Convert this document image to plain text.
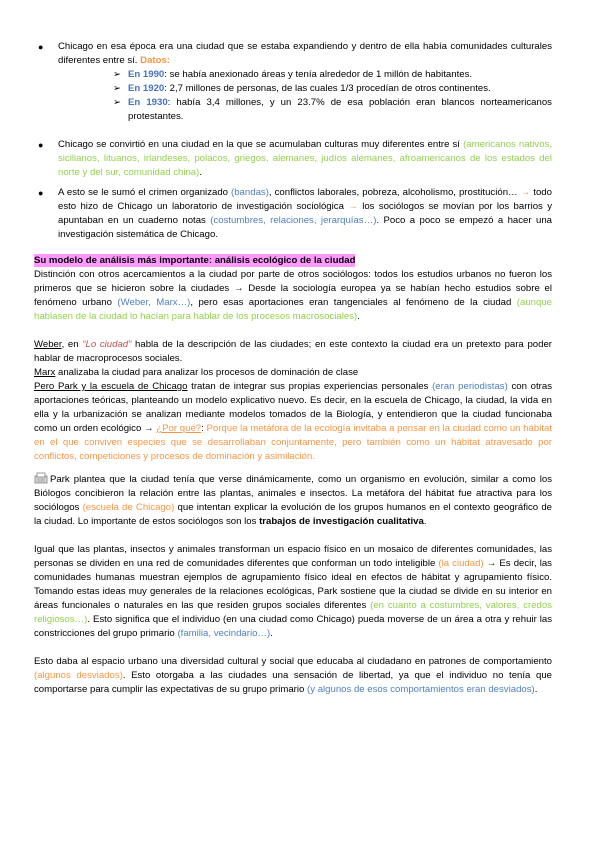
● Chicago en esa época era una ciudad que se estaba expandiendo y dentro de ella había comunidades culturales diferentes entre sí. Datos:
➢ En 1990: se había anexionado áreas y tenía alrededor de 1 millón de habitantes.
➢ En 1920: 2,7 millones de personas, de las cuales 1/3 procedían de otros continentes.
➢ En 1930: había 3,4 millones, y un 23.7% de esa población eran blancos norteamericanos protestantes.
● Chicago se convirtió en una ciudad en la que se acumulaban culturas muy diferentes entre sí (americanos nativos, sicilianos, lituanos, irlandeses, polacos, griegos, alemanes, judíos alemanes, afroamericanos de los estados del norte y del sur, comunidad china).
● A esto se le sumó el crimen organizado (bandas), conflictos laborales, pobreza, alcoholismo, prostitución… → todo esto hizo de Chicago un laboratorio de investigación sociológica → los sociólogos se movían por los barrios y apuntaban en un cuaderno notas (costumbres, relaciones, jerarquías…). Poco a poco se empezó a hacer una investigación sistemática de Chicago.
Su modelo de análisis más importante: análisis ecológico de la ciudad

Distinción con otros acercamientos a la ciudad por parte de otros sociólogos: todos los estudios urbanos no fueron los primeros que se hicieron sobre la ciudades → Desde la sociología europea ya se habían hecho estudios sobre el fenómeno urbano (Weber, Marx…), pero esas aportaciones eran tangenciales al fenómeno de la ciudad (aunque hablasen de la ciudad lo hacían para hablar de los procesos macrosociales).

Weber, en “Lo ciudad” habla de la descripción de las ciudades; en este contexto la ciudad era un pretexto para poder hablar de macroprocesos sociales.

Marx analizaba la ciudad para analizar los procesos de dominación de clase

Pero Park y la escuela de Chicago tratan de integrar sus propias experiencias personales (eran periodistas) con otras aportaciones teóricas, planteando un modelo explicativo nuevo. Es decir, en la escuela de Chicago, la ciudad, la vida en ella y la urbanización se analizan mediante modelos tomados de la Biología, y entendieron que la ciudad funcionaba como un orden ecológico → ¿Por qué?: Porque la metáfora de la ecología invitaba a pensar en la ciudad como un hábitat en el que conviven especies que se desarrollaban conjuntamente, pero también como un hábitat atravesado por conflictos, competiciones y procesos de dominación y asimilación.

Park plantea que la ciudad tenía que verse dinámicamente, como un organismo en evolución, similar a como los Biólogos concibieron la relación entre las plantas, animales e insectos. La metáfora del hábitat fue atractiva para los sociólogos (escuela de Chicago) que intentan explicar la evolución de los grupos humanos en el contexto geográfico de la ciudad. Lo importante de estos sociólogos son los trabajos de investigación cualitativa.

Igual que las plantas, insectos y animales transforman un espacio físico en un mosaico de diferentes comunidades, las personas se dividen en una red de comunidades diferentes que conforman un todo inteligible (la ciudad) → Es decir, las comunidades humanas muestran ejemplos de agrupamiento físico ideal en efectos de hábitat y agrupamiento físico. Tomando estas ideas muy generales de la relaciones ecológicas, Park sostiene que la ciudad se divide en su interior en áreas funcionales o naturales en las que residen grupos sociales diferentes (en cuanto a costumbres, valores, credos religiosos…). Esto significa que el individuo (en una ciudad como Chicago) pueda moverse de un área a otra y rehuir las constricciones del grupo primario (familia, vecindario…).

Esto daba al espacio urbano una diversidad cultural y social que educaba al ciudadano en patrones de comportamiento (algunos desviados). Esto otorgaba a las ciudades una sensación de libertad, ya que el individuo no tenía que comportarse para cumplir las expectativas de su grupo primario (y algunos de esos comportamientos eran desviados).
